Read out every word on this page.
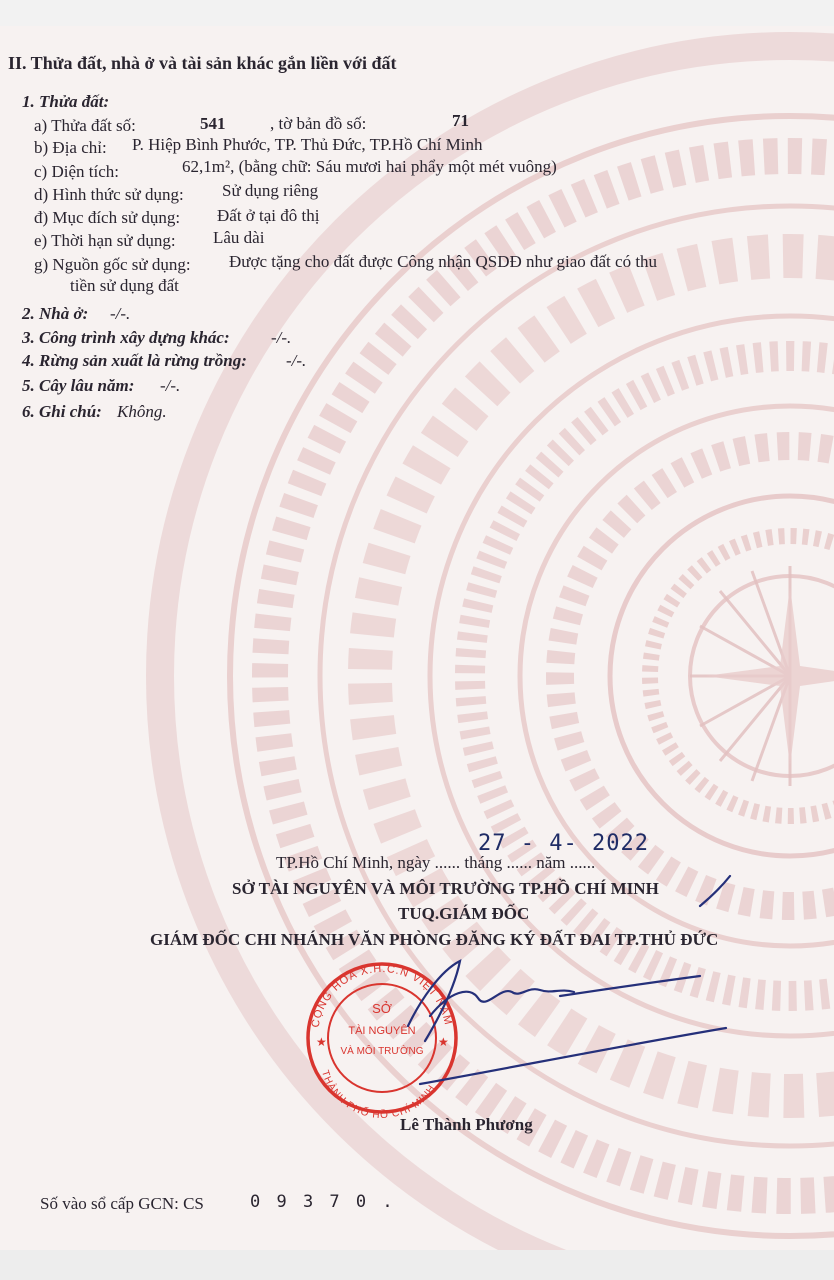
II. Thửa đất, nhà ở và tài sản khác gắn liền với đất
1. Thửa đất:
a) Thửa đất số:	541	, tờ bản đồ số:	71
b) Địa chỉ: P. Hiệp Bình Phước, TP. Thủ Đức, TP.Hồ Chí Minh
c) Diện tích:	62,1m², (bằng chữ: Sáu mươi hai phẩy một mét vuông)
d) Hình thức sử dụng: Sử dụng riêng
đ) Mục đích sử dụng: Đất ở tại đô thị
e) Thời hạn sử dụng: Lâu dài
g) Nguồn gốc sử dụng: Được tặng cho đất được Công nhận QSDĐ như giao đất có thu
tiền sử dụng đất
2. Nhà ở: -/-.
3. Công trình xây dựng khác: -/-.
4. Rừng sản xuất là rừng trồng: -/-.
5. Cây lâu năm: -/-.
6. Ghi chú: Không.
27 - 4- 2022
TP.Hồ Chí Minh, ngày ...... tháng ...... năm ......
SỞ TÀI NGUYÊN VÀ MÔI TRƯỜNG TP.HỒ CHÍ MINH
TUQ.GIÁM ĐỐC
GIÁM ĐỐC CHI NHÁNH VĂN PHÒNG ĐĂNG KÝ ĐẤT ĐAI TP.THỦ ĐỨC
CỘNG HÒA X.H.C.N VIỆT NAM
THÀNH PHỐ HỒ CHÍ MINH
SỞ
TÀI NGUYÊN
VÀ MÔI TRƯỜNG
★	★
Lê Thành Phương
Số vào sổ cấp GCN: CS	0 9 3 7 0 .
